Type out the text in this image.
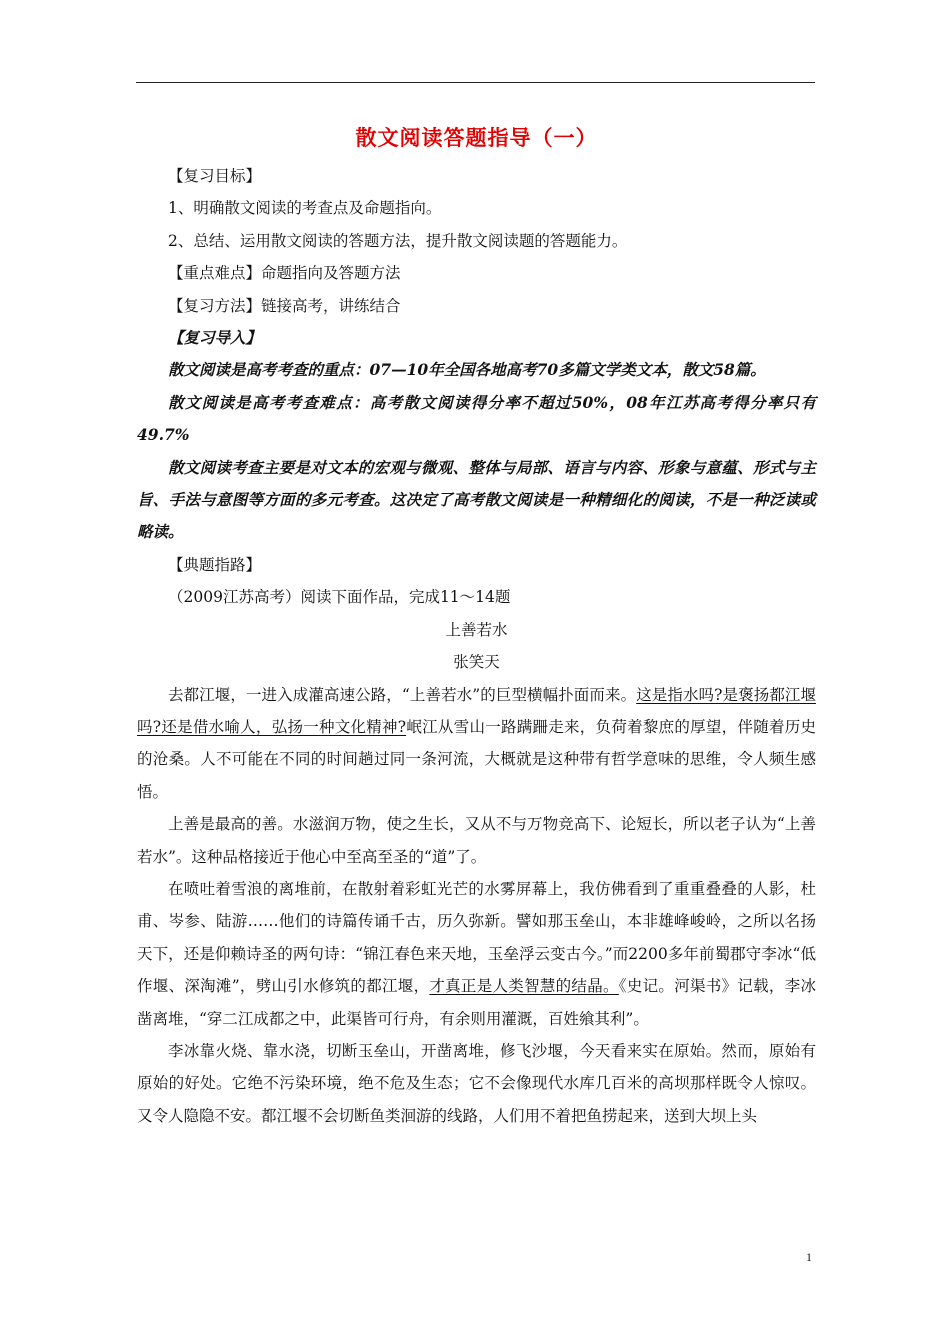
散文阅读答题指导（一）
【复习目标】
1、明确散文阅读的考查点及命题指向。
2、总结、运用散文阅读的答题方法，提升散文阅读题的答题能力。
【重点难点】命题指向及答题方法
【复习方法】链接高考，讲练结合
【复习导入】

散文阅读是高考考查的重点：07—10年全国各地高考70多篇文学类文本，散文58篇。

散文阅读是高考考查难点：高考散文阅读得分率不超过50%，08年江苏高考得分率只有49.7%

散文阅读考查主要是对文本的宏观与微观、整体与局部、语言与内容、形象与意蕴、形式与主旨、手法与意图等方面的多元考查。这决定了高考散文阅读是一种精细化的阅读，不是一种泛读或略读。

【典题指路】
（2009江苏高考）阅读下面作品，完成11～14题
上善若水
张笑天

去都江堰，一进入成灌高速公路，“上善若水”的巨型横幅扑面而来。这是指水吗?是褒扬都江堰吗?还是借水喻人，弘扬一种文化精神?岷江从雪山一路蹒跚走来，负荷着黎庶的厚望，伴随着历史的沧桑。人不可能在不同的时间趟过同一条河流，大概就是这种带有哲学意味的思维，令人频生感悟。

上善是最高的善。水滋润万物，使之生长，又从不与万物竞高下、论短长，所以老子认为“上善若水”。这种品格接近于他心中至高至圣的“道”了。

在喷吐着雪浪的离堆前，在散射着彩虹光芒的水雾屏幕上，我仿佛看到了重重叠叠的人影，杜甫、岑参、陆游……他们的诗篇传诵千古，历久弥新。譬如那玉垒山，本非雄峰峻岭，之所以名扬天下，还是仰赖诗圣的两句诗：“锦江春色来天地，玉垒浮云变古今。”而2200多年前蜀郡守李冰“低作堰、深淘滩”，劈山引水修筑的都江堰，才真正是人类智慧的结晶。《史记。河渠书》记载，李冰凿离堆，“穿二江成都之中，此渠皆可行舟，有余则用灌溉，百姓飨其利”。

李冰靠火烧、靠水浇，切断玉垒山，开凿离堆，修飞沙堰，今天看来实在原始。然而，原始有原始的好处。它绝不污染环境，绝不危及生态；它不会像现代水库几百米的高坝那样既令人惊叹。又令人隐隐不安。都江堰不会切断鱼类洄游的线路，人们用不着把鱼捞起来，送到大坝上头

1
